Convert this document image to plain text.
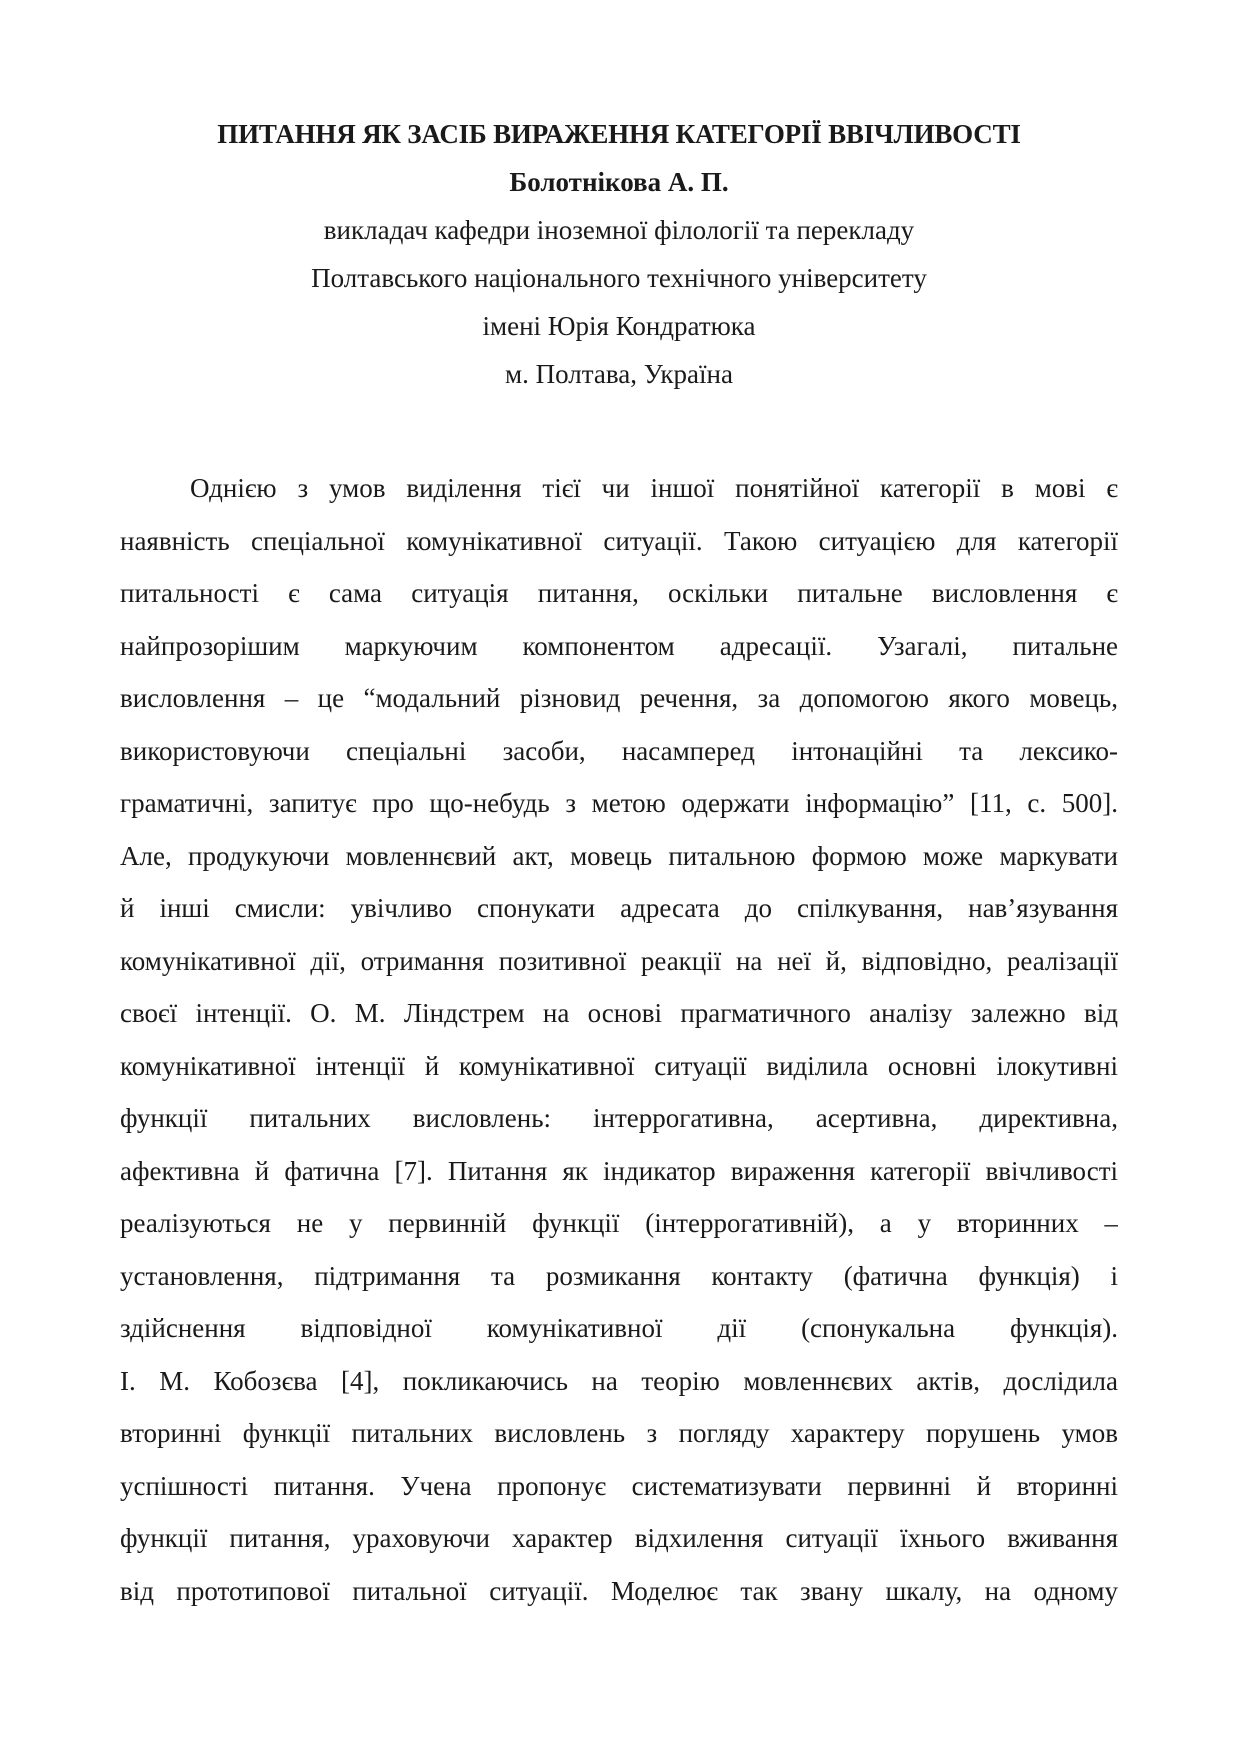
ПИТАННЯ ЯК ЗАСІБ ВИРАЖЕННЯ КАТЕГОРІЇ ВВІЧЛИВОСТІ
Болотнікова А. П.
викладач кафедри іноземної філології та перекладу
Полтавського національного технічного університету
імені Юрія Кондратюка
м. Полтава, Україна
Однією з умов виділення тієї чи іншої понятійної категорії в мові є
наявність спеціальної комунікативної ситуації. Такою ситуацією для категорії
питальності є сама ситуація питання, оскільки питальне висловлення є
найпрозорішим маркуючим компонентом адресації. Узагалі, питальне
висловлення – це “модальний різновид речення, за допомогою якого мовець,
використовуючи спеціальні засоби, насамперед інтонаційні та лексико-
граматичні, запитує про що-небудь з метою одержати інформацію” [11, с. 500].
Але, продукуючи мовленнєвий акт, мовець питальною формою може маркувати
й інші смисли: увічливо спонукати адресата до спілкування, нав’язування
комунікативної дії, отримання позитивної реакції на неї й, відповідно, реалізації
своєї інтенції. О. М. Ліндстрем на основі прагматичного аналізу залежно від
комунікативної інтенції й комунікативної ситуації виділила основні ілокутивні
функції питальних висловлень: інтеррогативна, асертивна, директивна,
афективна й фатична [7]. Питання як індикатор вираження категорії ввічливості
реалізуються не у первинній функції (інтеррогативній), а у вторинних –
установлення, підтримання та розмикання контакту (фатична функція) і
здійснення відповідної комунікативної дії (спонукальна функція).
І. М. Кобозєва [4], покликаючись на теорію мовленнєвих актів, дослідила
вторинні функції питальних висловлень з погляду характеру порушень умов
успішності питання. Учена пропонує систематизувати первинні й вторинні
функції питання, ураховуючи характер відхилення ситуації їхнього вживання
від прототипової питальної ситуації. Моделює так звану шкалу, на одному
